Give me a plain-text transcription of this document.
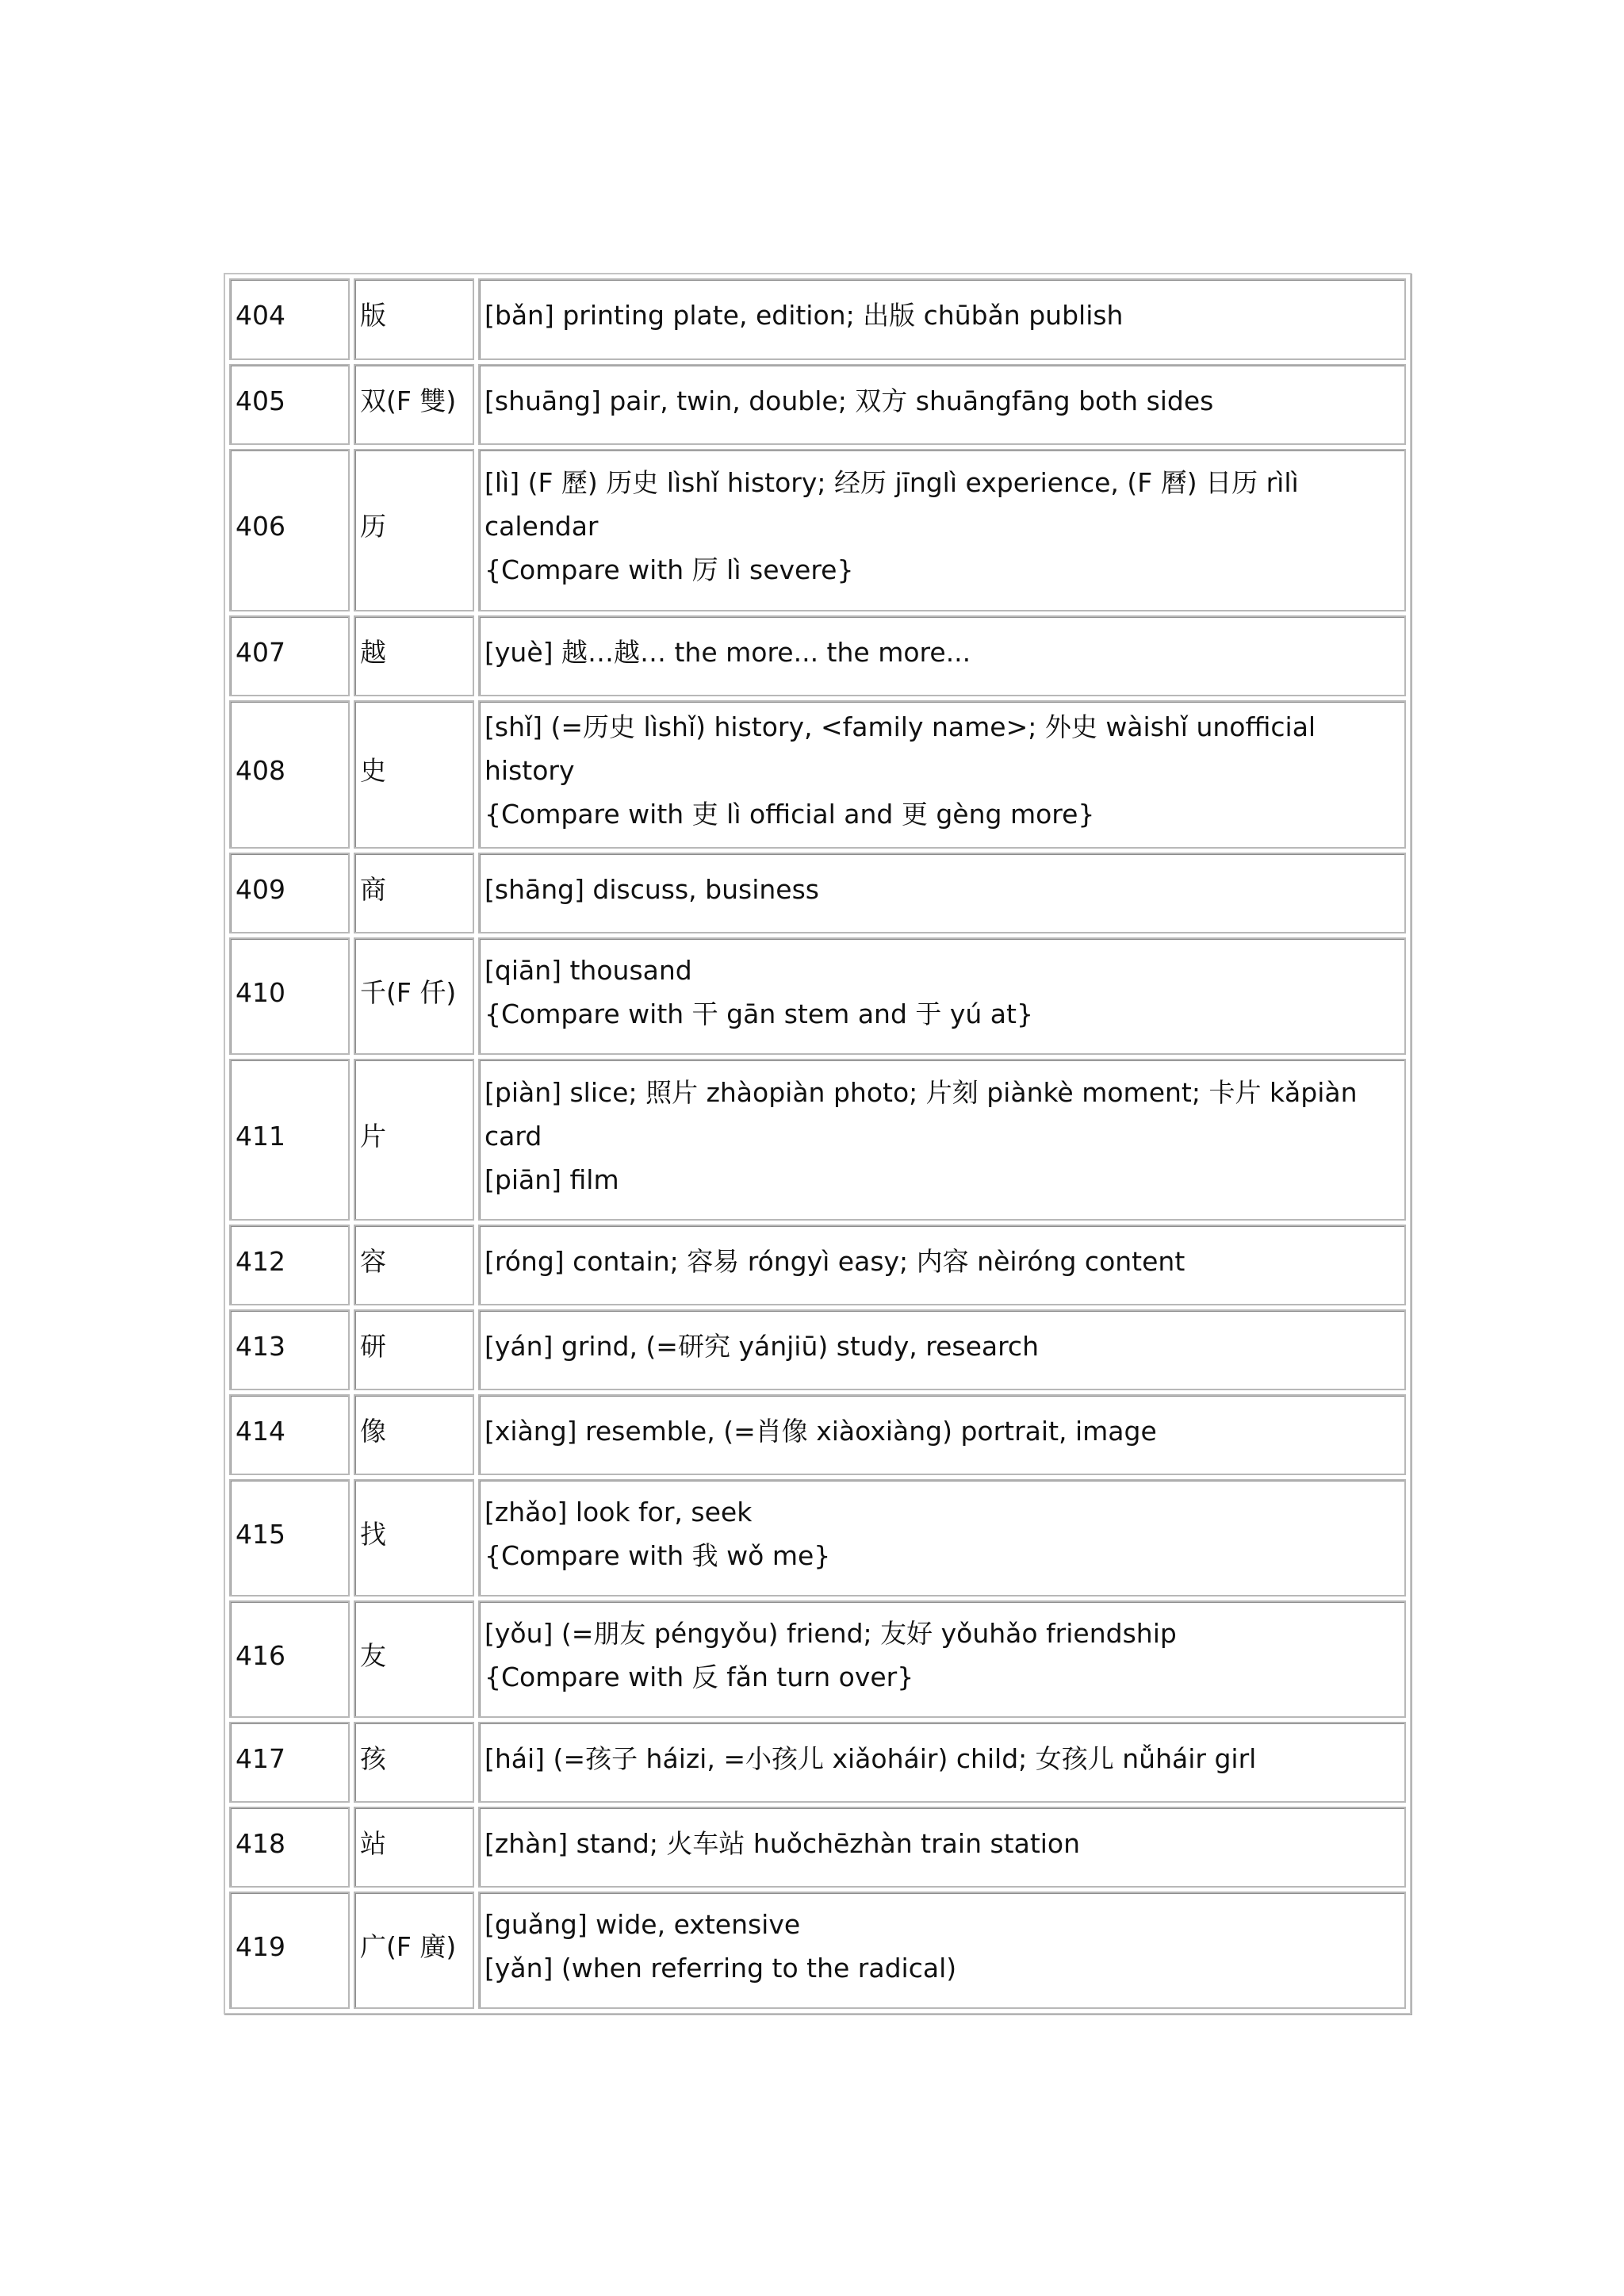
404	版	[bǎn] printing plate, edition; 出版 chūbǎn publish

405	双(F 雙)	[shuāng] pair, twin, double; 双方 shuāngfāng both sides

406	历	[lì] (F 歷) 历史 lìshǐ history; 经历 jīnglì experience, (F 曆) 日历 rìlì calendar
{Compare with 厉 lì severe}

407	越	[yuè] 越…越… the more... the more...

408	史	[shǐ] (=历史 lìshǐ) history, <family name>; 外史 wàishǐ unofficial history
{Compare with 吏 lì official and 更 gèng more}

409	商	[shāng] discuss, business

410	千(F 仟)	[qiān] thousand
{Compare with 干 gān stem and 于 yú at}

411	片	[piàn] slice; 照片 zhàopiàn photo; 片刻 piànkè moment; 卡片 kǎpiàn card
[piān] film

412	容	[róng] contain; 容易 róngyì easy; 内容 nèiróng content

413	研	[yán] grind, (=研究 yánjiū) study, research

414	像	[xiàng] resemble, (=肖像 xiàoxiàng) portrait, image

415	找	[zhǎo] look for, seek
{Compare with 我 wǒ me}

416	友	[yǒu] (=朋友 péngyǒu) friend; 友好 yǒuhǎo friendship
{Compare with 反 fǎn turn over}

417	孩	[hái] (=孩子 háizi, =小孩儿 xiǎoháir) child; 女孩儿 nǚháir girl

418	站	[zhàn] stand; 火车站 huǒchēzhàn train station

419	广(F 廣)	[guǎng] wide, extensive
[yǎn] (when referring to the radical)
